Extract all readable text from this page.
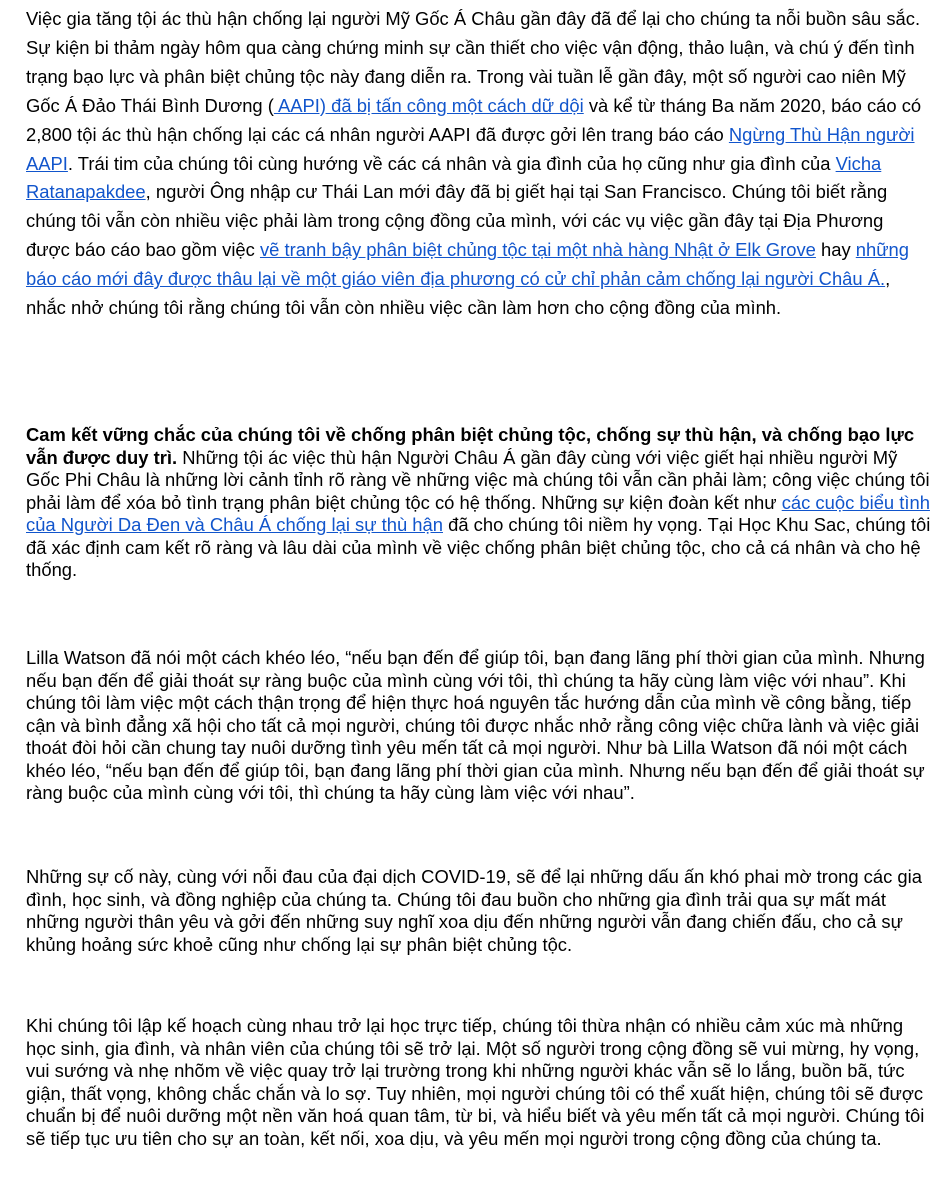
Việc gia tăng tội ác thù hận chống lại người Mỹ Gốc Á Châu gần đây đã để lại cho chúng ta nỗi buồn sâu sắc. Sự kiện bi thảm ngày hôm qua càng chứng minh sự cần thiết cho việc vận động, thảo luận, và chú ý đến tình trạng bạo lực và phân biệt chủng tộc này đang diễn ra. Trong vài tuần lễ gần đây, một số người cao niên Mỹ Gốc Á Đảo Thái Bình Dương ( AAPI) đã bị tấn công một cách dữ dội và kể từ tháng Ba năm 2020, báo cáo có 2,800 tội ác thù hận chống lại các cá nhân người AAPI đã được gởi lên trang báo cáo Ngừng Thù Hận người AAPI. Trái tim của chúng tôi cùng hướng về các cá nhân và gia đình của họ cũng như gia đình của Vicha Ratanapakdee, người Ông nhập cư Thái Lan mới đây đã bị giết hại tại San Francisco. Chúng tôi biết rằng chúng tôi vẫn còn nhiều việc phải làm trong cộng đồng của mình, với các vụ việc gần đây tại Địa Phương được báo cáo bao gồm việc vẽ tranh bậy phân biệt chủng tộc tại một nhà hàng Nhật ở Elk Grove hay những báo cáo mới đây được thâu lại về một giáo viên địa phương có cử chỉ phản cảm chống lại người Châu Á., nhắc nhở chúng tôi rằng chúng tôi vẫn còn nhiều việc cần làm hơn cho cộng đồng của mình.

Cam kết vững chắc của chúng tôi về chống phân biệt chủng tộc, chống sự thù hận, và chống bạo lực vẫn được duy trì. Những tội ác việc thù hận Người Châu Á gần đây cùng với việc giết hại nhiều người Mỹ Gốc Phi Châu là những lời cảnh tỉnh rõ ràng về những việc mà chúng tôi vẫn cần phải làm; công việc chúng tôi phải làm để xóa bỏ tình trạng phân biệt chủng tộc có hệ thống. Những sự kiện đoàn kết như các cuộc biểu tình của Người Da Đen và Châu Á chống lại sự thù hận đã cho chúng tôi niềm hy vọng. Tại Học Khu Sac, chúng tôi đã xác định cam kết rõ ràng và lâu dài của mình về việc chống phân biệt chủng tộc, cho cả cá nhân và cho hệ thống.

Lilla Watson đã nói một cách khéo léo, “nếu bạn đến để giúp tôi, bạn đang lãng phí thời gian của mình. Nhưng nếu bạn đến để giải thoát sự ràng buộc của mình cùng với tôi, thì chúng ta hãy cùng làm việc với nhau”. Khi chúng tôi làm việc một cách thận trọng để hiện thực hoá nguyên tắc hướng dẫn của mình về công bằng, tiếp cận và bình đẳng xã hội cho tất cả mọi người, chúng tôi được nhắc nhở rằng công việc chữa lành và việc giải thoát đòi hỏi cần chung tay nuôi dưỡng tình yêu mến tất cả mọi người. Như bà Lilla Watson đã nói một cách khéo léo, “nếu bạn đến để giúp tôi, bạn đang lãng phí thời gian của mình. Nhưng nếu bạn đến để giải thoát sự ràng buộc của mình cùng với tôi, thì chúng ta hãy cùng làm việc với nhau”.

Những sự cố này, cùng với nỗi đau của đại dịch COVID-19, sẽ để lại những dấu ấn khó phai mờ trong các gia đình, học sinh, và đồng nghiệp của chúng ta. Chúng tôi đau buồn cho những gia đình trải qua sự mất mát những người thân yêu và gởi đến những suy nghĩ xoa dịu đến những người vẫn đang chiến đấu, cho cả sự khủng hoảng sức khoẻ cũng như chống lại sự phân biệt chủng tộc.

Khi chúng tôi lập kế hoạch cùng nhau trở lại học trực tiếp, chúng tôi thừa nhận có nhiều cảm xúc mà những học sinh, gia đình, và nhân viên của chúng tôi sẽ trở lại. Một số người trong cộng đồng sẽ vui mừng, hy vọng, vui sướng và nhẹ nhõm về việc quay trở lại trường trong khi những người khác vẫn sẽ lo lắng, buồn bã, tức giận, thất vọng, không chắc chắn và lo sợ. Tuy nhiên, mọi người chúng tôi có thể xuất hiện, chúng tôi sẽ được chuẩn bị để nuôi dưỡng một nền văn hoá quan tâm, từ bi, và hiểu biết và yêu mến tất cả mọi người. Chúng tôi sẽ tiếp tục ưu tiên cho sự an toàn, kết nối, xoa dịu, và yêu mến mọi người trong cộng đồng của chúng ta.
